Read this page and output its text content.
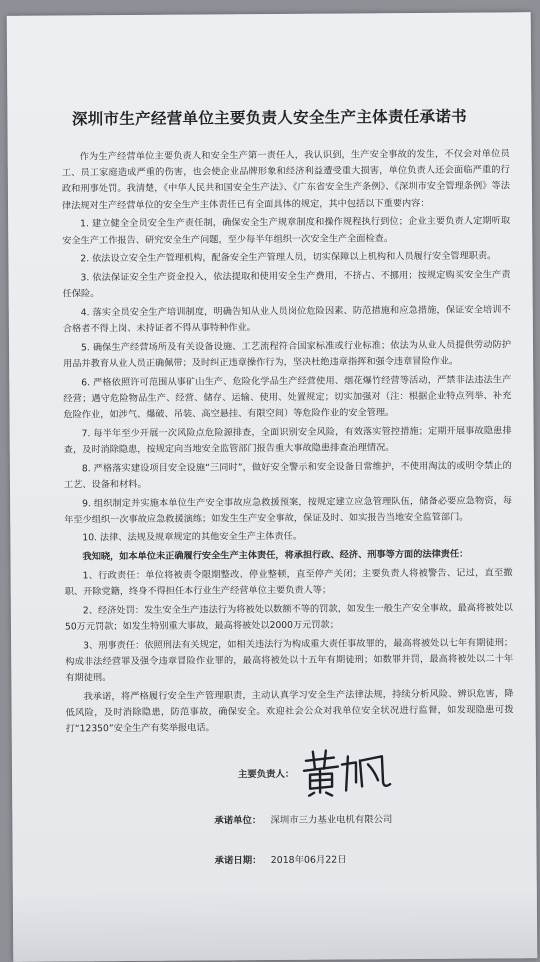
深圳市生产经营单位主要负责人安全生产主体责任承诺书

作为生产经营单位主要负责人和安全生产第一责任人，我认识到，生产安全事故的发生，不仅会对单位员工、员工家庭造成严重的伤害，也会使企业品牌形象和经济利益遭受重大损害，单位负责人还会面临严重的行政和刑事处罚。我清楚，《中华人民共和国安全生产法》、《广东省安全生产条例》、《深圳市安全管理条例》等法律法规对生产经营单位的安全生产主体责任已有全面具体的规定，其中包括以下重要内容：

1. 建立健全全员安全生产责任制，确保安全生产规章制度和操作规程执行到位；企业主要负责人定期听取安全生产工作报告、研究安全生产问题，至少每半年组织一次安全生产全面检查。

2. 依法设立安全生产管理机构，配备安全生产管理人员，切实保障以上机构和人员履行安全管理职责。

3. 依法保证安全生产资金投入，依法提取和使用安全生产费用，不挤占、不挪用；按规定购买安全生产责任保险。

4. 落实全员安全生产培训制度，明确告知从业人员岗位危险因素、防范措施和应急措施，保证安全培训不合格者不得上岗、未持证者不得从事特种作业。

5. 确保生产经营场所及有关设备设施、工艺流程符合国家标准或行业标准；依法为从业人员提供劳动防护用品并教育从业人员正确佩带；及时纠正违章操作行为，坚决杜绝违章指挥和强令违章冒险作业。

6. 严格依照许可范围从事矿山生产、危险化学品生产经营使用、烟花爆竹经营等活动，严禁非法违法生产经营；遇守危险物品生产、经营、储存、运输、使用、处置规定；切实加强对（注：根据企业特点列举、补充危险作业，如涉气、爆破、吊装、高空悬挂、有限空间）等危险作业的安全管理。

7. 每半年至少开展一次风险点危险源排查，全面识别安全风险，有效落实管控措施；定期开展事故隐患排查，及时消除隐患，按规定向当地安全监管部门报告重大事故隐患排查治理情况。

8. 严格落实建设项目安全设施“三同时”，做好安全警示和安全设备日常维护，不使用淘汰的或明令禁止的工艺、设备和材料。

9. 组织制定并实施本单位生产安全事故应急救援预案，按规定建立应急管理队伍，储备必要应急物资，每年至少组织一次事故应急救援演练；如发生生产安全事故，保证及时、如实报告当地安全监管部门。

10. 法律、法规及规章规定的其他安全生产主体责任。

我知晓，如本单位未正确履行安全生产主体责任，将承担行政、经济、刑事等方面的法律责任：

1、行政责任：单位将被责令限期整改、停业整顿，直至停产关闭；主要负责人将被警告、记过，直至撤职、开除党籍，终身不得担任本行业生产经营单位主要负责人等；

2、经济处罚：发生安全生产违法行为将被处以数额不等的罚款，如发生一般生产安全事故，最高将被处以50万元罚款；如发生特别重大事故，最高将被处以2000万元罚款；

3、刑事责任：依照刑法有关规定，如相关违法行为构成重大责任事故罪的，最高将被处以七年有期徒刑；构成非法经营罪及强令违章冒险作业罪的，最高将被处以十五年有期徒刑；如数罪并罚，最高将被处以二十年有期徒刑。

我承诺，将严格履行安全生产管理职责，主动认真学习安全生产法律法规，持续分析风险、辨识危害，降低风险，及时消除隐患，防范事故，确保安全。欢迎社会公众对我单位安全状况进行监督，如发现隐患可拨打“12350”安全生产有奖举报电话。

主要负责人：
承诺单位： 深圳市三力基业电机有限公司
承诺日期： 2018年06月22日
